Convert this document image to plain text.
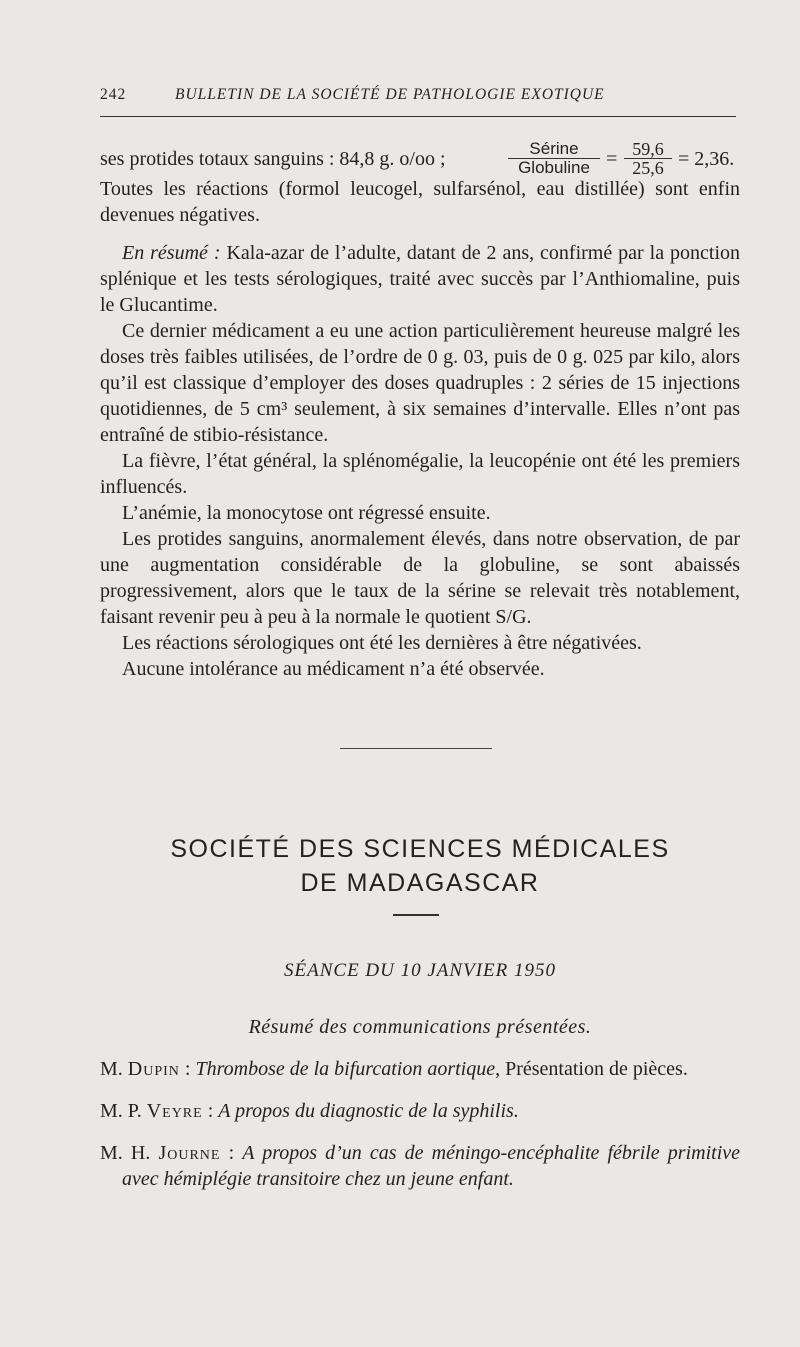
242	BULLETIN DE LA SOCIÉTÉ DE PATHOLOGIE EXOTIQUE
ses protides totaux sanguins : 84,8 g. o/oo ;	Sérine
Globuline = $\frac{59,6}{25,6} = 2,36$.

Toutes les réactions (formol leucogel, sulfarsénol, eau distillée) sont enfin devenues négatives.

En résumé : Kala-azar de l’adulte, datant de 2 ans, confirmé par la ponction splénique et les tests sérologiques, traité avec succès par l’Anthiomaline, puis le Glucantime.

Ce dernier médicament a eu une action particulièrement heureuse malgré les doses très faibles utilisées, de l’ordre de 0 g. 03, puis de 0 g. 025 par kilo, alors qu’il est classique d’employer des doses quadruples : 2 séries de 15 injections quotidiennes, de 5 cm³ seulement, à six semaines d’intervalle. Elles n’ont pas entraîné de stibio-résistance.

La fièvre, l’état général, la splénomégalie, la leucopénie ont été les premiers influencés.

L’anémie, la monocytose ont régressé ensuite.

Les protides sanguins, anormalement élevés, dans notre observation, de par une augmentation considérable de la globuline, se sont abaissés progressivement, alors que le taux de la sérine se relevait très notablement, faisant revenir peu à peu à la normale le quotient S/G.

Les réactions sérologiques ont été les dernières à être négativées.

Aucune intolérance au médicament n’a été observée.

SOCIÉTÉ DES SCIENCES MÉDICALES
DE MADAGASCAR
SÉANCE DU 10 JANVIER 1950
Résumé des communications présentées.

M. Dupin : Thrombose de la bifurcation aortique, Présentation de pièces.

M. P. Veyre : A propos du diagnostic de la syphilis.

M. H. Journe : A propos d’un cas de méningo-encéphalite fébrile primitive avec hémiplégie transitoire chez un jeune enfant.
